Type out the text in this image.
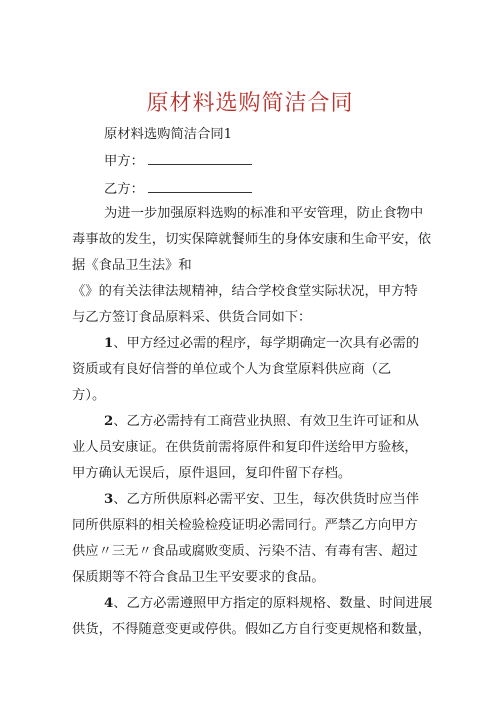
原材料选购简洁合同
原材料选购简洁合同1
甲方：
乙方：
为进一步加强原料选购的标准和平安管理，防止食物中
毒事故的发生，切实保障就餐师生的身体安康和生命平安，依
据《食品卫生法》和
《》的有关法律法规精神，结合学校食堂实际状况，甲方特
与乙方签订食品原料采、供货合同如下：
1、甲方经过必需的程序，每学期确定一次具有必需的
资质或有良好信誉的单位或个人为食堂原料供应商（乙
方）。
2、乙方必需持有工商营业执照、有效卫生许可证和从
业人员安康证。在供货前需将原件和复印件送给甲方验核，
甲方确认无误后，原件退回，复印件留下存档。
3、乙方所供原料必需平安、卫生，每次供货时应当伴
同所供原料的相关检验检疫证明必需同行。严禁乙方向甲方
供应〃三无〃食品或腐败变质、污染不洁、有毒有害、超过
保质期等不符合食品卫生平安要求的食品。
4、乙方必需遵照甲方指定的原料规格、数量、时间进展
供货，不得随意变更或停供。假如乙方自行变更规格和数量，
